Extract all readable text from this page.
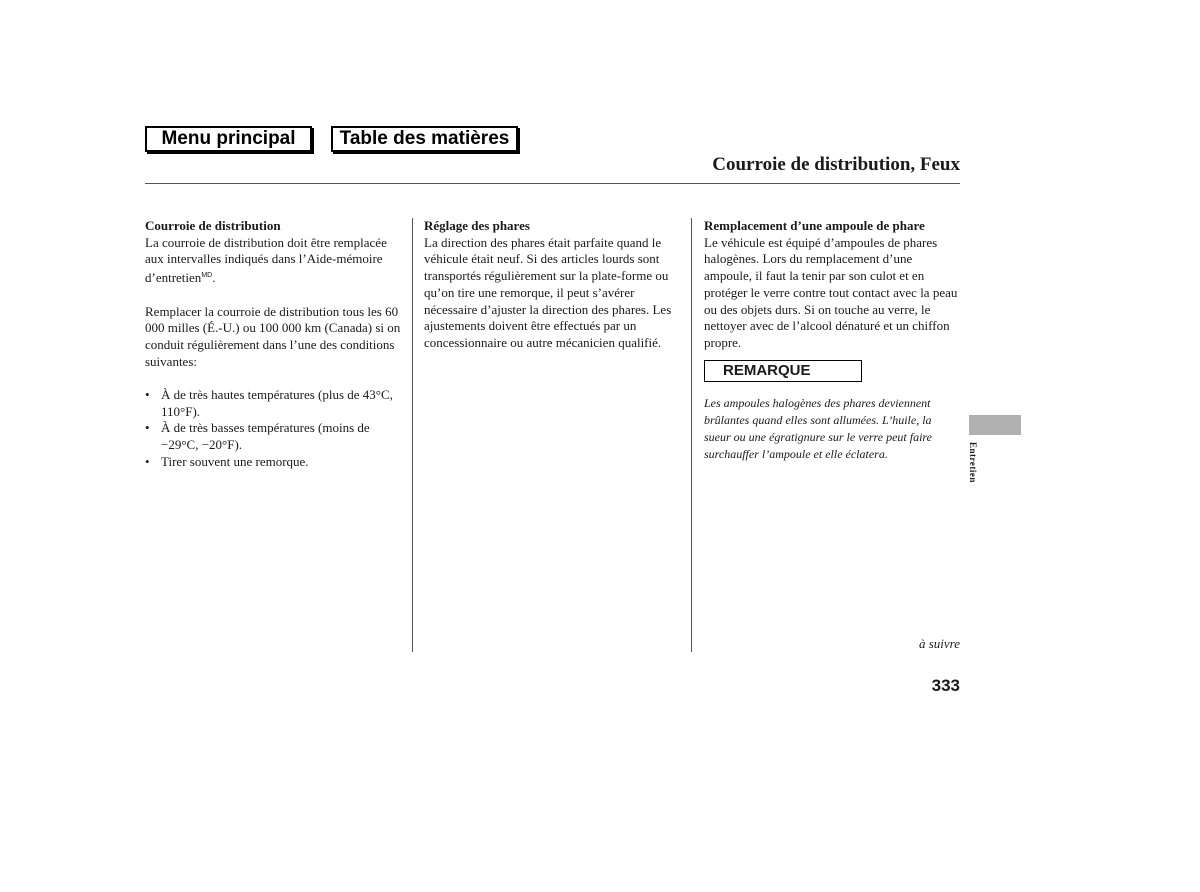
Menu principal	Table des matières
Courroie de distribution, Feux

Courroie de distribution

La courroie de distribution doit être remplacée aux intervalles indiqués dans l’Aide-mémoire d’entretien$^{MD}$.

Remplacer la courroie de distribution tous les 60 000 milles (É.-U.) ou 100 000 km (Canada) si on conduit régulièrement dans l’une des conditions suivantes:

• À de très hautes températures (plus de 43°C, 110°F).
• À de très basses températures (moins de −29°C, −20°F).
• Tirer souvent une remorque.

Réglage des phares

La direction des phares était parfaite quand le véhicule était neuf. Si des articles lourds sont transportés régulièrement sur la plate-forme ou qu’on tire une remorque, il peut s’avérer nécessaire d’ajuster la direction des phares. Les ajustements doivent être effectués par un concessionnaire ou autre mécanicien qualifié.

Remplacement d’une ampoule de phare

Le véhicule est équipé d’ampoules de phares halogènes. Lors du remplacement d’une ampoule, il faut la tenir par son culot et en protéger le verre contre tout contact avec la peau ou des objets durs. Si on touche au verre, le nettoyer avec de l’alcool dénaturé et un chiffon propre.

REMARQUE

Les ampoules halogènes des phares deviennent brûlantes quand elles sont allumées. L’huile, la sueur ou une égratignure sur le verre peut faire surchauffer l’ampoule et elle éclatera.	Entretien
à suivre
333
